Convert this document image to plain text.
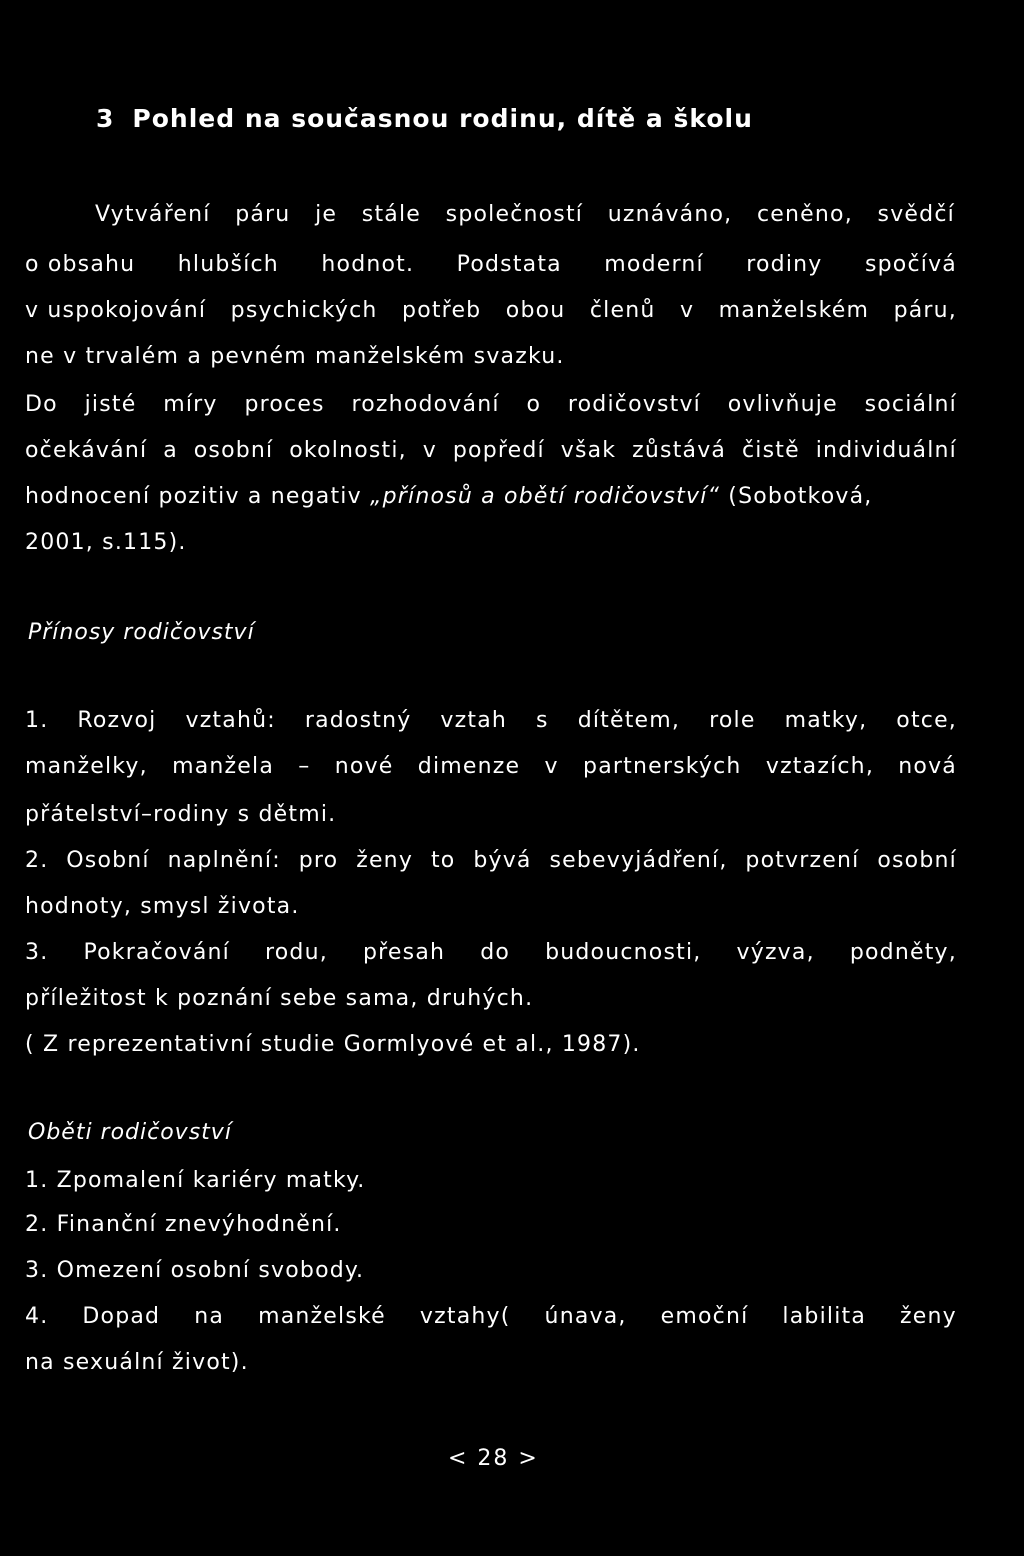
3 Pohled na současnou rodinu, dítě a školu
Vytváření páru je stále společností uznáváno, ceněno, svědčí
o obsahu hlubších hodnot. Podstata moderní rodiny spočívá
v uspokojování psychických potřeb obou členů v manželském páru,
ne v trvalém a pevném manželském svazku.
Do jisté míry proces rozhodování o rodičovství ovlivňuje sociální
očekávání a osobní okolnosti, v popředí však zůstává čistě individuální
hodnocení pozitiv a negativ „přínosů a obětí rodičovství“ (Sobotková,
2001, s.115).
Přínosy rodičovství
1. Rozvoj vztahů: radostný vztah s dítětem, role matky, otce,
manželky, manžela – nové dimenze v partnerských vztazích, nová
přátelství–rodiny s dětmi.
2. Osobní naplnění: pro ženy to bývá sebevyjádření, potvrzení osobní
hodnoty, smysl života.
3. Pokračování rodu, přesah do budoucnosti, výzva, podněty,
příležitost k poznání sebe sama, druhých.
( Z reprezentativní studie Gormlyové et al., 1987).
Oběti rodičovství
1. Zpomalení kariéry matky.
2. Finanční znevýhodnění.
3. Omezení osobní svobody.
4. Dopad na manželské vztahy( únava, emoční labilita ženy
na sexuální život).
< 28 >
